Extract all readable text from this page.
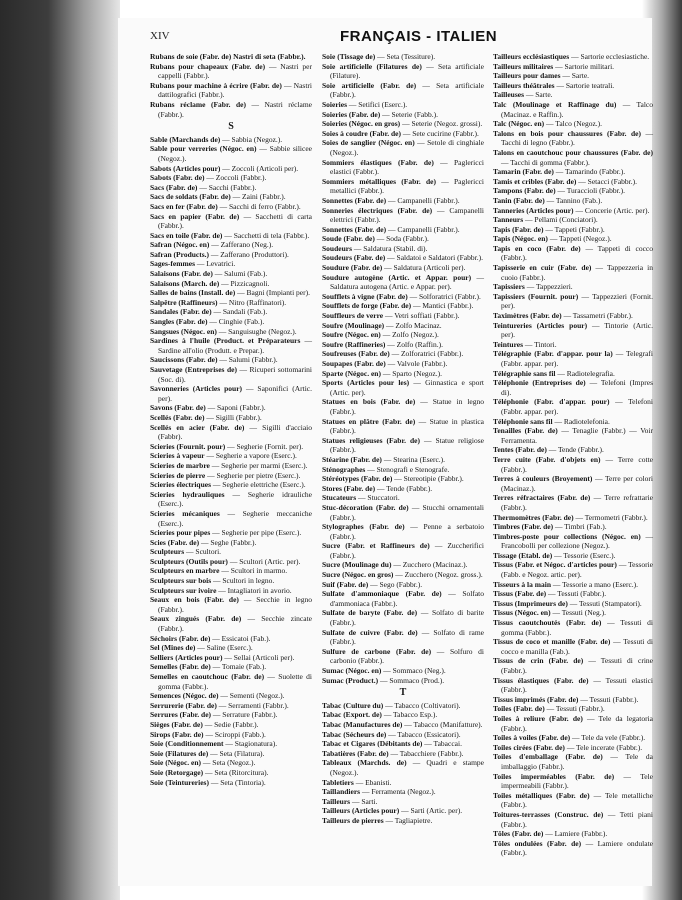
XIV	FRANÇAIS - ITALIEN

Rubans de soie (Fabr. de) Nastri di seta (Fabbr.).

Rubans pour chapeaux (Fabr. de) — Nastri per cappelli (Fabbr.).

Rubans pour machine à écrire (Fabr. de) — Nastri dattilografici (Fabbr.).

Rubans réclame (Fabr. de) — Nastri réclame (Fabbr.).

S

Sable (Marchands de) — Sabbia (Negoz.).

Sable pour verreries (Négoc. en) — Sabbie silicee (Negoz.).

Sabots (Articles pour) — Zoccoli (Articoli per).

Sabots (Fabr. de) — Zoccoli (Fabbr.).

Sacs (Fabr. de) — Sacchi (Fabbr.).

Sacs de soldats (Fabr. de) — Zaini (Fabbr.).

Sacs en fer (Fabr. de) — Sacchi di ferro (Fabbr.).

Sacs en papier (Fabr. de) — Sacchetti di carta (Fabbr.).

Sacs en toile (Fabr. de) — Sacchetti di tela (Fabbr.).

Safran (Négoc. en) — Zafferano (Neg.).

Safran (Products.) — Zafferano (Produttori).

Sages-femmes — Levatrici.

Salaisons (Fabr. de) — Salumi (Fab.).

Salaisons (March. de) — Pizzicagnoli.

Salles de bains (Install. de) — Bagni (Impianti per).

Salpêtre (Raffineurs) — Nitro (Raffinatori).

Sandales (Fabr. de) — Sandali (Fab.).

Sangles (Fabr. de) — Cinghie (Fab.).

Sangsues (Négoc. en) — Sanguisughe (Negoz.).

Sardines à l'huile (Product. et Préparateurs — Sardine all'olio (Produtt. e Prepar.).

Saucissons (Fabr. de) — Salumi (Fabbr.).

Sauvetage (Entreprises de) — Ricuperi sottomarini (Soc. di).

Savonneries (Articles pour) — Saponifici (Artic. per).

Savons (Fabr. de) — Saponi (Fabbr.).

Scellés (Fabr. de) — Sigilli (Fabbr.).

Scellés en acier (Fabr. de) — Sigilli d'acciaio (Fabbr).

Scieries (Fournit. pour) — Segherie (Fornit. per).

Scieries à vapeur — Segherie a vapore (Eserc.).

Scieries de marbre — Segherie per marmi (Eserc.).

Scieries de pierre — Segherie per pietre (Eserc.).

Scieries électriques — Segherie elettriche (Eserc.).

Scieries hydrauliques — Segherie idrauliche (Eserc.).

Scieries mécaniques — Segherie meccaniche (Eserc.).

Scieries pour pipes — Segherie per pipe (Eserc.).

Scies (Fabr. de) — Seghe (Fabbr.).

Sculpteurs — Scultori.

Sculpteurs (Outils pour) — Scultori (Artic. per).

Sculpteurs en marbre — Scultori in marmo.

Sculpteurs sur bois — Scultori in legno.

Sculpteurs sur ivoire — Intagliatori in avorio.

Seaux en bois (Fabr. de) — Secchie in legno (Fabbr.).

Seaux zingués (Fabr. de) — Secchie zincate (Fabbr.).

Séchoirs (Fabr. de) — Essicatoi (Fab.).

Sel (Mines de) — Saline (Eserc.).

Selliers (Articles pour) — Sellai (Articoli per).

Semelles (Fabr. de) — Tomaie (Fab.).

Semelles en caoutchouc (Fabr. de) — Suolette di gomma (Fabbr.).

Semences (Négoc. de) — Sementi (Negoz.).

Serrurerie (Fabr. de) — Serramenti (Fabbr.).

Serrures (Fabr. de) — Serrature (Fabbr.).

Sièges (Fabr. de) — Sedie (Fabbr.).

Sirops (Fabr. de) — Sciroppi (Fabb.).

Soie (Conditionnement — Stagionatura).

Soie (Filatures de) — Seta (Filatura).

Soie (Négoc. en) — Seta (Negoz.).

Soie (Retorgage) — Seta (Ritorcitura).

Soie (Teintureries) — Seta (Tintoria).

Soie (Tissage de) — Seta (Tessiture).

Soie artificielle (Filatures de) — Seta artificiale (Filature).

Soie artificielle (Fabr. de) — Seta artificiale (Fabbr.).

Soieries — Setifici (Eserc.).

Soieries (Fabr. de) — Seterie (Fabb.).

Soieries (Négoc. en gros) — Seterie (Negoz. grossi).

Soies à coudre (Fabr. de) — Sete cucirine (Fabbr.).

Soies de sanglier (Négoc. en) — Setole di cinghiale (Negoz.).

Sommiers élastiques (Fabr. de) — Paglericci elastici (Fabbr.).

Sommiers métalliques (Fabr. de) — Paglericci metallici (Fabbr.).

Sonnettes (Fabr. de) — Campanelli (Fabbr.).

Sonneries électriques (Fabr. de) — Campanelli elettrici (Fabbr.).

Sonnettes (Fabr. de) — Campanelli (Fabbr.).

Soude (Fabr. de) — Soda (Fabbr.).

Soudeurs — Saldatura (Stabil. di).

Soudeurs (Fabr. de) — Saldatoi e Saldatori (Fabbr.).

Soudure (Fabr. de) — Saldatura (Articoli per).

Soudure autogène (Artic. et Appar. pour) — Saldatura autogena (Artic. e Appar. per).

Soufflets à vigne (Fabr. de) — Solforatrici (Fabbr.).

Soufflets de forge (Fabr. de) — Mantici (Fabbr.).

Souffleurs de verre — Vetri soffiati (Fabbr.).

Soufre (Moulinage) — Zolfo Macinaz.

Soufre (Négoc. en) — Zolfo (Negoz.).

Soufre (Raffineries) — Zolfo (Raffin.).

Soufreuses (Fabr. de) — Zolforatrici (Fabbr.).

Soupapes (Fabr. de) — Valvole (Fabbr.).

Sparte (Négoc. en) — Sparto (Negoz.).

Sports (Articles pour les) — Ginnastica e sport (Artic. per).

Statues en bois (Fabr. de) — Statue in legno (Fabbr.).

Statues en plâtre (Fabr. de) — Statue in plastica (Fabbr.).

Statues religieuses (Fabr. de) — Statue religiose (Fabbr.).

Stéarine (Fabr. de) — Stearina (Eserc.).

Sténographes — Stenografi e Stenografe.

Stéréotypes (Fabr. de) — Stereotipie (Fabbr.).

Stores (Fabr. de) — Tende (Fabbr.).

Stucateurs — Stuccatori.

Stuc-décoration (Fabr. de) — Stucchi ornamentali (Fabbr.).

Stylographes (Fabr. de) — Penne a serbatoio (Fabbr.).

Sucre (Fabr. et Raffineurs de) — Zuccherifici (Fabbr.).

Sucre (Moulinage du) — Zucchero (Macinaz.).

Sucre (Négoc. en gros) — Zucchero (Negoz. gross.).

Suif (Fabr. de) — Sego (Fabbr.).

Sulfate d'ammoniaque (Fabr. de) — Solfato d'ammoniaca (Fabbr.).

Sulfate de baryte (Fabr. de) — Solfato di barite (Fabbr.).

Sulfate de cuivre (Fabr. de) — Solfato di rame (Fabbr.).

Sulfure de carbone (Fabr. de) — Solfuro di carbonio (Fabbr.).

Sumac (Négoc. en) — Sommaco (Neg.).

Sumac (Product.) — Sommaco (Prod.).

T

Tabac (Culture du) — Tabacco (Coltivatori).

Tabac (Export. de) — Tabacco Esp.).

Tabac (Manufactures de) — Tabacco (Manifatture).

Tabac (Sécheurs de) — Tabacco (Essicatori).

Tabac et Cigares (Débitants de) — Tabaccai.

Tabatières (Fabr. de) — Tabacchiere (Fabbr.).

Tableaux (Marchds. de) — Quadri e stampe (Negoz.).

Tabletiers — Ebanisti.

Taillandiers — Ferramenta (Negoz.).

Tailleurs — Sarti.

Tailleurs (Articles pour) — Sarti (Artic. per).

Tailleurs de pierres — Tagliapietre.

Tailleurs ecclésiastiques — Sartorie ecclesiastiche.

Tailleurs militaires — Sartorie militari.

Tailleurs pour dames — Sarte.

Tailleurs théâtrales — Sartorie teatrali.

Tailleuses — Sarte.

Talc (Moulinage et Raffinage du) — Talco (Macinaz. e Raffin.).

Talc (Négoc. en) — Talco (Negoz.).

Talons en bois pour chaussures (Fabr. de) — Tacchi di legno (Fabbr.).

Talons en caoutchouc pour chaussures (Fabr. de) — Tacchi di gomma (Fabbr.).

Tamarin (Fabr. de) — Tamarindo (Fabbr.).

Tamis et cribles (Fabr. de) — Setacci (Fabbr.).

Tampons (Fabr. de) — Turaccioli (Fabbr.).

Tanin (Fabr. de) — Tannino (Fab.).

Tanneries (Articles pour) — Concerie (Artic. per).

Tanneurs — Pellami (Conciatori).

Tapis (Fabr. de) — Tappeti (Fabbr.).

Tapis (Négoc. en) — Tappeti (Negoz.).

Tapis en coco (Fabr. de) — Tappeti di cocco (Fabbr.).

Tapisserie en cuir (Fabr. de) — Tappezzeria in cuoio (Fabbr.).

Tapissiers — Tappezzieri.

Tapissiers (Fournit. pour) — Tappezzieri (Fornit. per).

Taximètres (Fabr. de) — Tassametri (Fabbr.).

Teintureries (Articles pour) — Tintorie (Artic. per).

Teintures — Tintori.

Télégraphie (Fabr. d'appar. pour la) — Telegrafi (Fabbr. appar. per).

Télégraphie sans fil — Radiotelegrafia.

Téléphonie (Entreprises de) — Telefoni (Impres di).

Téléphonie (Fabr. d'appar. pour) — Telefoni (Fabbr. appar. per).

Téléphonie sans fil — Radiotelefonia.

Tenailles (Fabr. de) — Tenaglie (Fabbr.) — Voir Ferramenta.

Tentes (Fabr. de) — Tende (Fabbr.).

Terre cuite (Fabr. d'objets en) — Terre cotte (Fabbr.).

Terres à couleurs (Broyement) — Terre per colori (Macinaz.).

Terres réfractaires (Fabr. de) — Terre refrattarie (Fabbr.).

Thermomètres (Fabr. de) — Termometri (Fabbr.).

Timbres (Fabr. de) — Timbri (Fab.).

Timbres-poste pour collections (Négoc. en) — Francobolli per collezione (Negoz.).

Tissage (Etabl. de) — Tessorie (Eserc.).

Tissus (Fabr. et Négoc. d'articles pour) — Tessorie (Fabb. e Negoz. artic. per).

Tisseurs à la main — Tessorie a mano (Eserc.).

Tissus (Fabr. de) — Tessuti (Fabbr.).

Tissus (Imprimeurs de) — Tessuti (Stampatori).

Tissus (Négoc. en) — Tessuti (Neg.).

Tissus caoutchoutés (Fabr. de) — Tessuti di gomma (Fabbr.).

Tissus de coco et manille (Fabr. de) — Tessuti di cocco e manilla (Fab.).

Tissus de crin (Fabr. de) — Tessuti di crine (Fabbr.).

Tissus élastiques (Fabr. de) — Tessuti elastici (Fabbr.).

Tissus imprimés (Fabr. de) — Tessuti (Fabbr.).

Toiles (Fabr. de) — Tessuti (Fabbr.).

Toiles à reliure (Fabr. de) — Tele da legatoria (Fabbr.).

Toiles à voiles (Fabr. de) — Tele da vele (Fabbr.).

Toiles cirées (Fabr. de) — Tele incerate (Fabbr.).

Toiles d'emballage (Fabr. de) — Tele da imballaggio (Fabbr.).

Toiles imperméables (Fabr. de) — Tele impermeabili (Fabbr.).

Toiles métalliques (Fabr. de) — Tele metalliche (Fabbr.).

Toitures-terrasses (Construc. de) — Tetti piani (Fabbr.).

Tôles (Fabr. de) — Lamiere (Fabbr.).

Tôles ondulées (Fabr. de) — Lamiere ondulate (Fabbr.).
